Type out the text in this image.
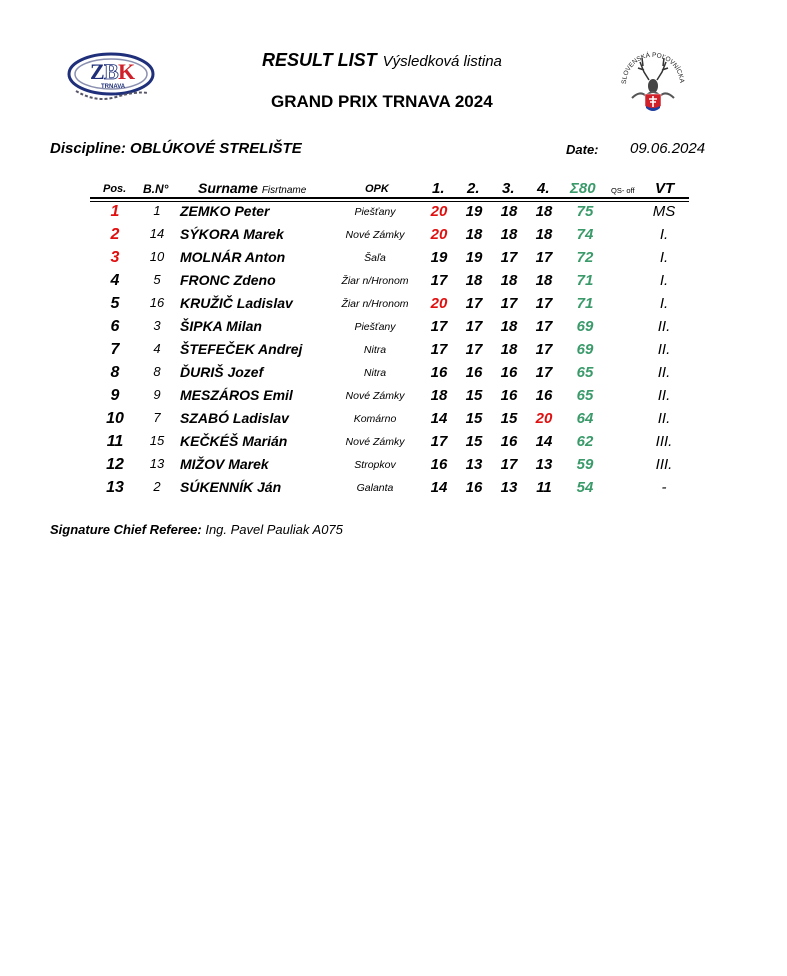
Z B K
TRNAVA
RESULT LIST Výsledková listina
GRAND PRIX TRNAVA 2024
SLOVENSKÁ POĽOVNÍCKA
Discipline: OBLÚKOVÉ STRELIŠTE	Date: 09.06.2024
Pos. B.N° Surname Fisrtname	OPK	1. 2. 3. 4. Σ80 QS- off VT
1	1	ZEMKO Peter	Piešťany	20	19	18	18	75	MS
2	14	SÝKORA Marek	Nové Zámky	20	18	18	18	74	I.
3	10	MOLNÁR Anton	Šaľa	19	19	17	17	72	I.
4	5	FRONC Zdeno	Žiar n/Hronom	17	18	18	18	71	I.
5	16	KRUŽIČ Ladislav	Žiar n/Hronom	20	17	17	17	71	I.
6	3	ŠIPKA Milan	Piešťany	17	17	18	17	69	II.
7	4	ŠTEFEČEK Andrej	Nitra	17	17	18	17	69	II.
8	8	ĎURIŠ Jozef	Nitra	16	16	16	17	65	II.
9	9	MESZÁROS Emil	Nové Zámky	18	15	16	16	65	II.
10	7	SZABÓ Ladislav	Komárno	14	15	15	20	64	II.
11	15	KEČKÉŠ Marián	Nové Zámky	17	15	16	14	62	III.
12	13	MIŽOV Marek	Stropkov	16	13	17	13	59	III.
13	2	SÚKENNÍK Ján	Galanta	14	16	13	11	54	-
Signature Chief Referee: Ing. Pavel Pauliak A075
